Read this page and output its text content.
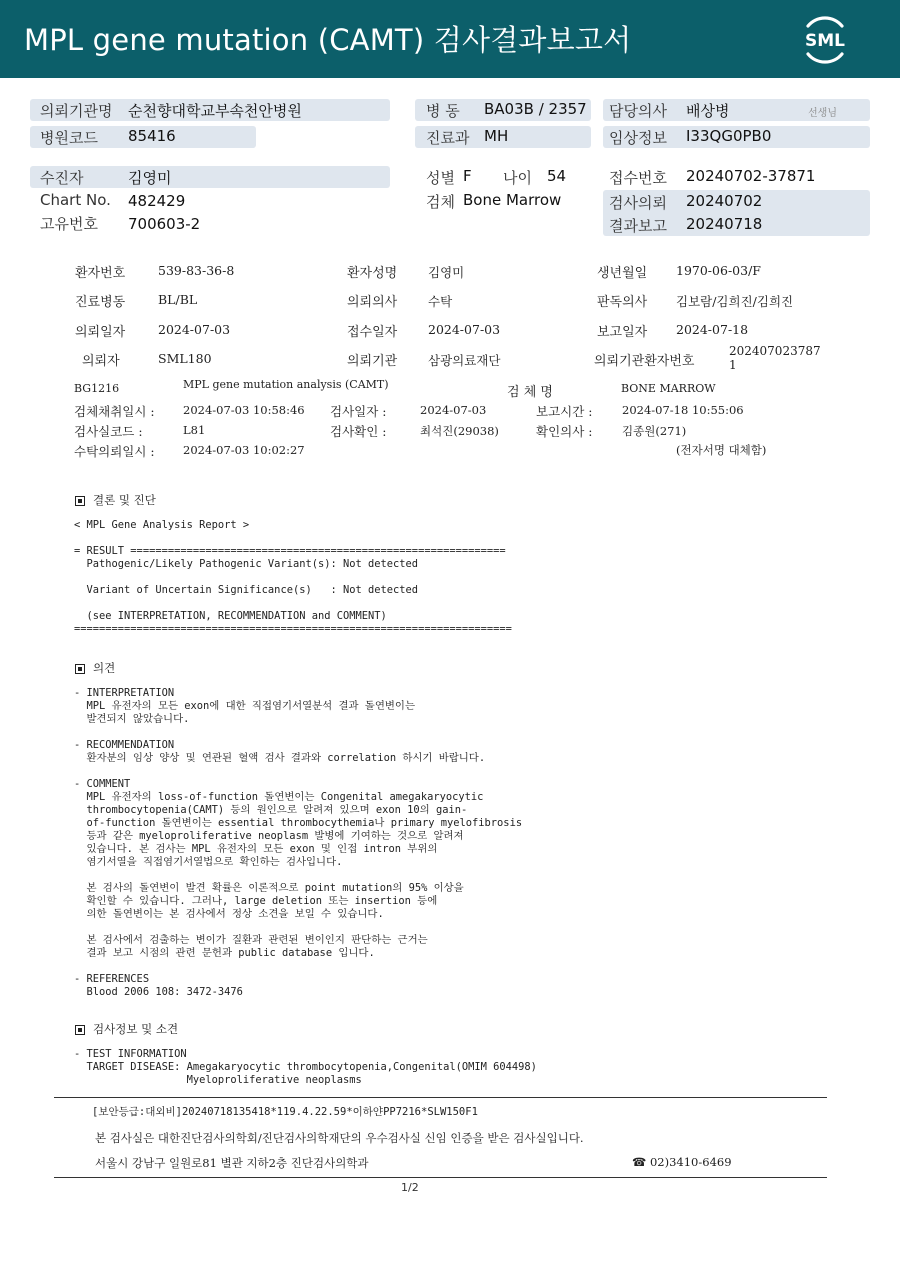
MPL gene mutation (CAMT) 검사결과보고서	SML
의뢰기관명 순천향대학교부속천안병원
병원코드 85416
병 동 BA03B / 2357
진료과 MH
담당의사 배상병	선생님
임상정보 I33QG0PB0
수진자	김영미
Chart No. 482429
고유번호 700603-2
성별 F 나이 54
검체 Bone Marrow
접수번호 20240702-37871
검사의뢰 20240702
결과보고 20240718
환자번호	539-83-36-8	환자성명 김영미	생년월일 1970-06-03/F
진료병동	BL/BL	의뢰의사 수탁	판독의사 김보람/김희진/김희진
의뢰일자	2024-07-03	접수일자 2024-07-03	보고일자 2024-07-18
의뢰자	SML180	의뢰기관 삼광의료재단	의뢰기관환자번호
202407023787
1
BG1216	MPL gene mutation analysis (CAMT)
검 체 명	BONE MARROW
검체채취일시 : 2024-07-03 10:58:46 검사일자 :	2024-07-03	보고시간 :	2024-07-18 10:55:06
검사실코드 :	L81	검사확인 :	최석진(29038)	확인의사 :	김종원(271)
수탁의뢰일시 : 2024-07-03 10:02:27	(전자서명 대체함)
결론 및 진단
< MPL Gene Analysis Report >

= RESULT ============================================================
Pathogenic/Likely Pathogenic Variant(s): Not detected

Variant of Uncertain Significance(s)   : Not detected

(see INTERPRETATION, RECOMMENDATION and COMMENT)
======================================================================
의견
- INTERPRETATION
MPL 유전자의 모든 exon에 대한 직접염기서열분석 결과 돌연변이는
발견되지 않았습니다.

- RECOMMENDATION
환자분의 임상 양상 및 연관된 혈액 검사 결과와 correlation 하시기 바랍니다.

- COMMENT
MPL 유전자의 loss-of-function 돌연변이는 Congenital amegakaryocytic
thrombocytopenia(CAMT) 등의 원인으로 알려져 있으며 exon 10의 gain-
of-function 돌연변이는 essential thrombocythemia나 primary myelofibrosis
등과 같은 myeloproliferative neoplasm 발병에 기여하는 것으로 알려져
있습니다. 본 검사는 MPL 유전자의 모든 exon 및 인접 intron 부위의
염기서열을 직접염기서열법으로 확인하는 검사입니다.

본 검사의 돌연변이 발견 확률은 이론적으로 point mutation의 95% 이상을
확인할 수 있습니다. 그러나, large deletion 또는 insertion 등에
의한 돌연변이는 본 검사에서 정상 소견을 보일 수 있습니다.

본 검사에서 검출하는 변이가 질환과 관련된 변이인지 판단하는 근거는
결과 보고 시점의 관련 문헌과 public database 입니다.

- REFERENCES
Blood 2006 108: 3472-3476
검사정보 및 소견
- TEST INFORMATION
TARGET DISEASE: Amegakaryocytic thrombocytopenia,Congenital(OMIM 604498)
Myeloproliferative neoplasms
[보안등급:대외비]20240718135418*119.4.22.59*이하얀PP7216*SLW150F1
본 검사실은 대한진단검사의학회/진단검사의학재단의 우수검사실 신임 인증을 받은 검사실입니다.
서울시 강남구 일원로81 별관 지하2층 진단검사의학과	☎ 02)3410-6469
1/2
